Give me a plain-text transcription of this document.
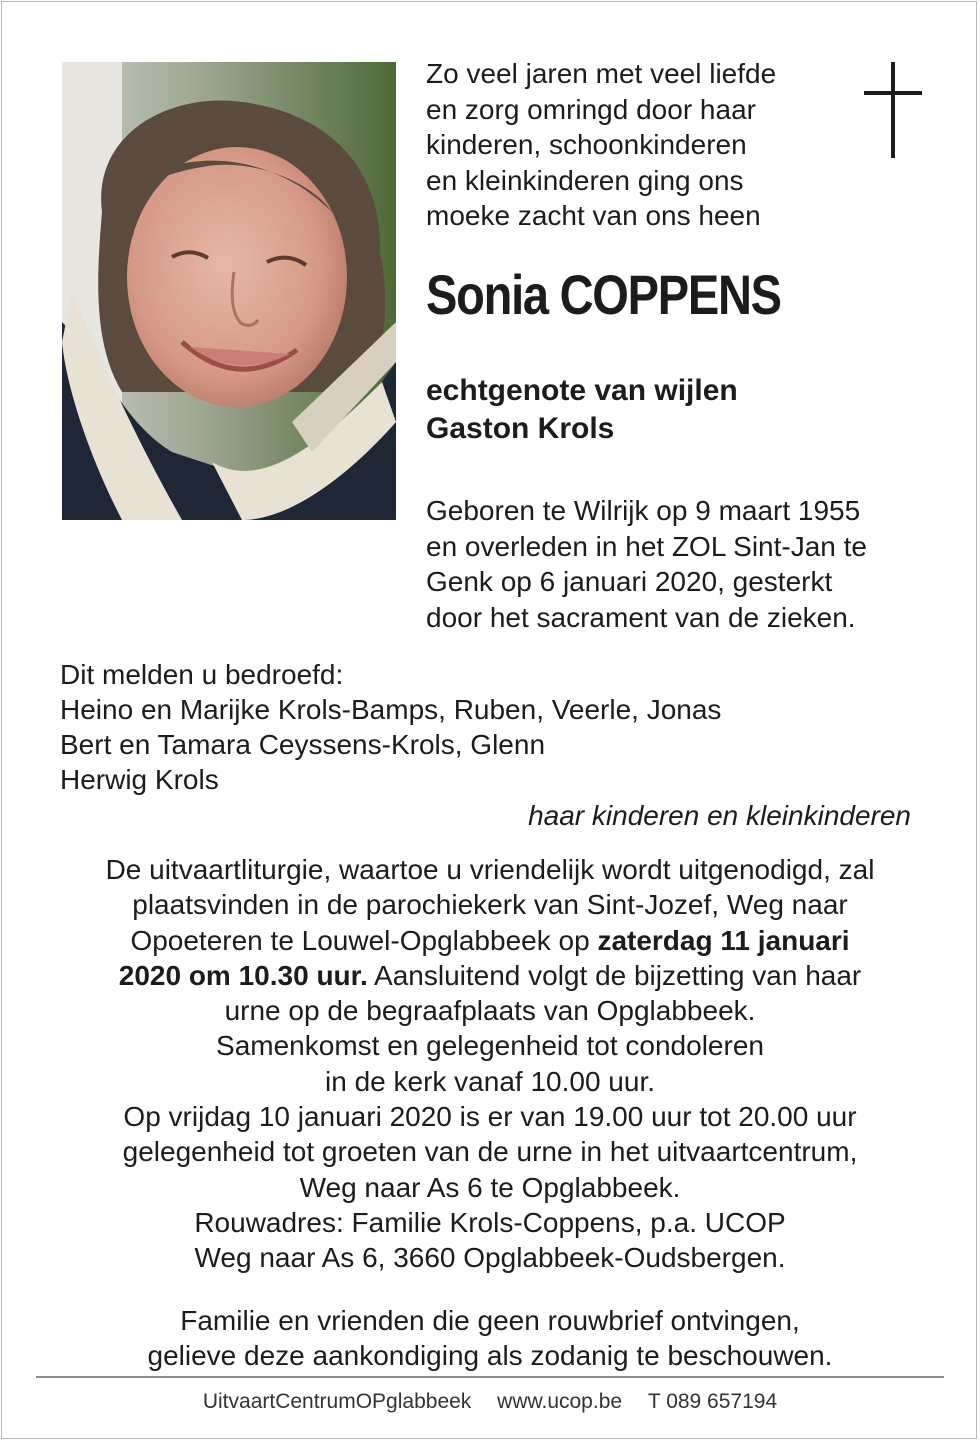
Zo veel jaren met veel liefde
en zorg omringd door haar
kinderen, schoonkinderen
en kleinkinderen ging ons
moeke zacht van ons heen
Sonia COPPENS
echtgenote van wijlen
Gaston Krols
Geboren te Wilrijk op 9 maart 1955
en overleden in het ZOL Sint-Jan te
Genk op 6 januari 2020, gesterkt
door het sacrament van de zieken.
Dit melden u bedroefd:
Heino en Marijke Krols-Bamps, Ruben, Veerle, Jonas
Bert en Tamara Ceyssens-Krols, Glenn
Herwig Krols
haar kinderen en kleinkinderen
De uitvaartliturgie, waartoe u vriendelijk wordt uitgenodigd, zal
plaatsvinden in de parochiekerk van Sint-Jozef, Weg naar
Opoeteren te Louwel-Opglabbeek op zaterdag 11 januari
2020 om 10.30 uur. Aansluitend volgt de bijzetting van haar
urne op de begraafplaats van Opglabbeek.
Samenkomst en gelegenheid tot condoleren
in de kerk vanaf 10.00 uur.
Op vrijdag 10 januari 2020 is er van 19.00 uur tot 20.00 uur
gelegenheid tot groeten van de urne in het uitvaartcentrum,
Weg naar As 6 te Opglabbeek.
Rouwadres: Familie Krols-Coppens, p.a. UCOP
Weg naar As 6, 3660 Opglabbeek-Oudsbergen.
Familie en vrienden die geen rouwbrief ontvingen,
gelieve deze aankondiging als zodanig te beschouwen.
UitvaartCentrumOPglabbeek www.ucop.be T 089 657194
